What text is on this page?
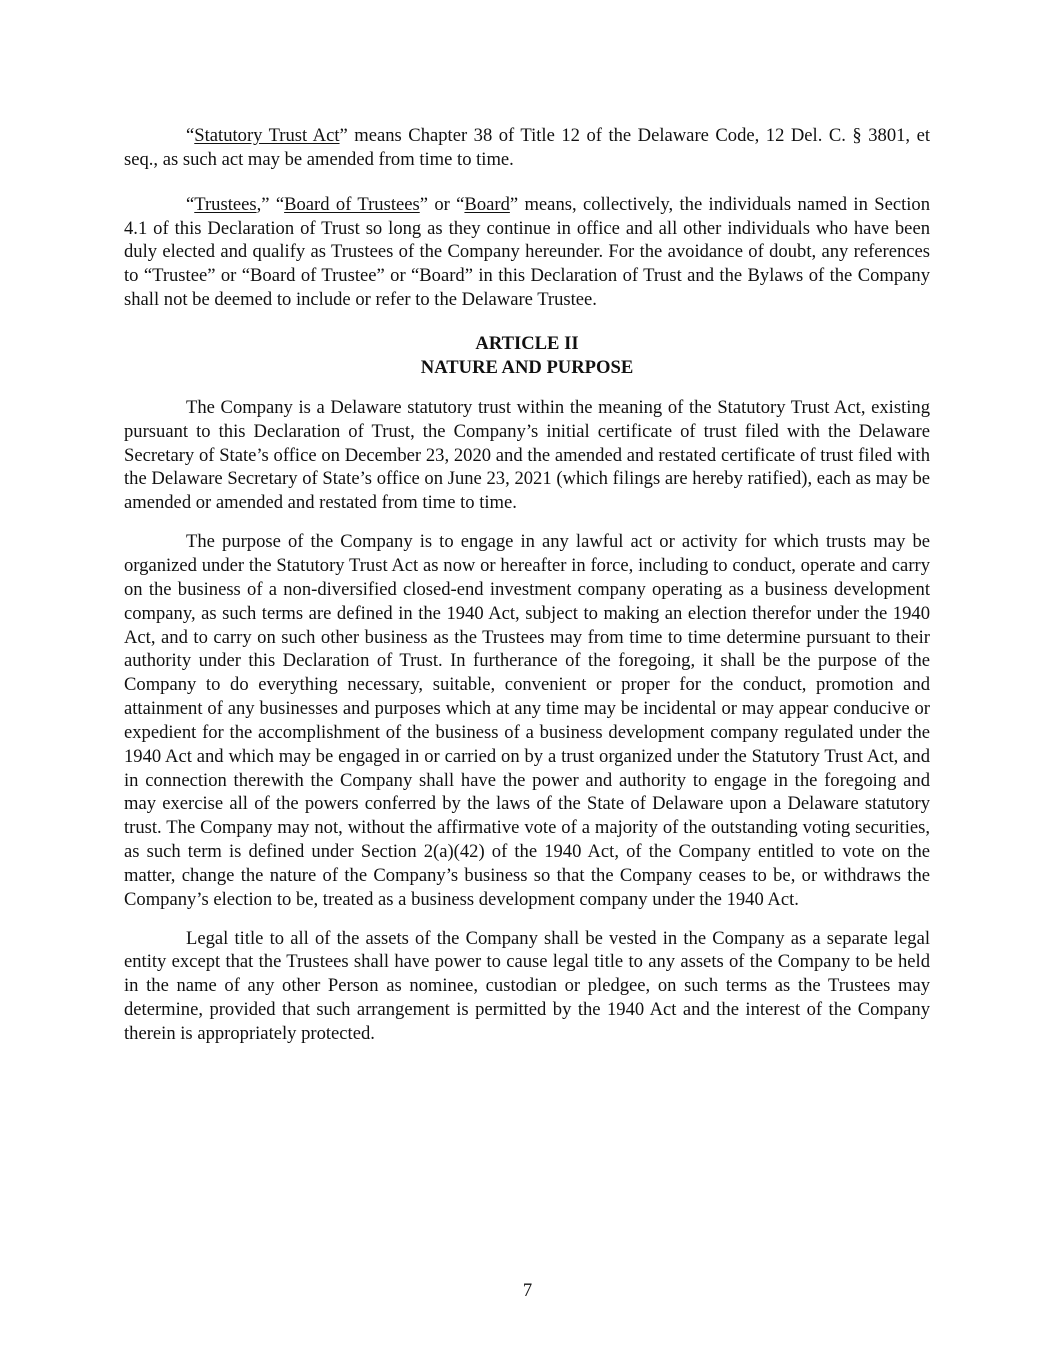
“Statutory Trust Act” means Chapter 38 of Title 12 of the Delaware Code, 12 Del. C. § 3801, et seq., as such act may be amended from time to time.

“Trustees,” “Board of Trustees” or “Board” means, collectively, the individuals named in Section 4.1 of this Declaration of Trust so long as they continue in office and all other individuals who have been duly elected and qualify as Trustees of the Company hereunder. For the avoidance of doubt, any references to “Trustee” or “Board of Trustee” or “Board” in this Declaration of Trust and the Bylaws of the Company shall not be deemed to include or refer to the Delaware Trustee.

ARTICLE II
NATURE AND PURPOSE

The Company is a Delaware statutory trust within the meaning of the Statutory Trust Act, existing pursuant to this Declaration of Trust, the Company’s initial certificate of trust filed with the Delaware Secretary of State’s office on December 23, 2020 and the amended and restated certificate of trust filed with the Delaware Secretary of State’s office on June 23, 2021 (which filings are hereby ratified), each as may be amended or amended and restated from time to time.

The purpose of the Company is to engage in any lawful act or activity for which trusts may be organized under the Statutory Trust Act as now or hereafter in force, including to conduct, operate and carry on the business of a non-diversified closed-end investment company operating as a business development company, as such terms are defined in the 1940 Act, subject to making an election therefor under the 1940 Act, and to carry on such other business as the Trustees may from time to time determine pursuant to their authority under this Declaration of Trust. In furtherance of the foregoing, it shall be the purpose of the Company to do everything necessary, suitable, convenient or proper for the conduct, promotion and attainment of any businesses and purposes which at any time may be incidental or may appear conducive or expedient for the accomplishment of the business of a business development company regulated under the 1940 Act and which may be engaged in or carried on by a trust organized under the Statutory Trust Act, and in connection therewith the Company shall have the power and authority to engage in the foregoing and may exercise all of the powers conferred by the laws of the State of Delaware upon a Delaware statutory trust. The Company may not, without the affirmative vote of a majority of the outstanding voting securities, as such term is defined under Section 2(a)(42) of the 1940 Act, of the Company entitled to vote on the matter, change the nature of the Company’s business so that the Company ceases to be, or withdraws the Company’s election to be, treated as a business development company under the 1940 Act.

Legal title to all of the assets of the Company shall be vested in the Company as a separate legal entity except that the Trustees shall have power to cause legal title to any assets of the Company to be held in the name of any other Person as nominee, custodian or pledgee, on such terms as the Trustees may determine, provided that such arrangement is permitted by the 1940 Act and the interest of the Company therein is appropriately protected.

7
